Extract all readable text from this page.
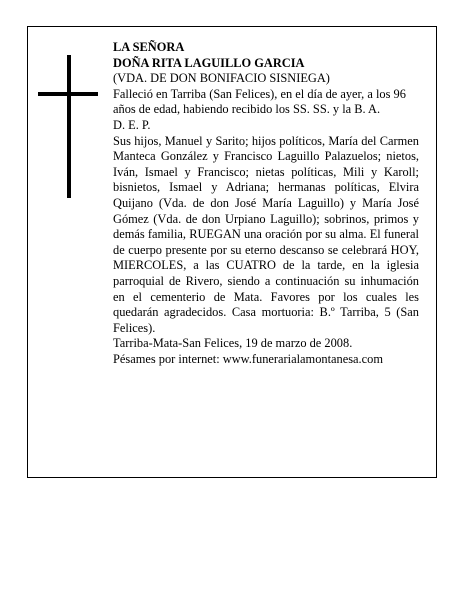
LA SEÑORA

DOÑA RITA LAGUILLO GARCIA

(VDA. DE DON BONIFACIO SISNIEGA)

Falleció en Tarriba (San Felices), en el día de ayer, a los 96 años de edad, habiendo recibido los SS. SS. y la B. A.

D. E. P.

Sus hijos, Manuel y Sarito; hijos políticos, María del Carmen Manteca González y Francisco Laguillo Palazuelos; nietos, Iván, Ismael y Francisco; nietas políticas, Mili y Karoll; bisnietos, Ismael y Adriana; hermanas políticas, Elvira Quijano (Vda. de don José María Laguillo) y María José Gómez (Vda. de don Urpiano Laguillo); sobrinos, primos y demás familia, RUEGAN una oración por su alma. El funeral de cuerpo presente por su eterno descanso se celebrará HOY, MIERCOLES, a las CUATRO de la tarde, en la iglesia parroquial de Rivero, siendo a continuación su inhumación en el cementerio de Mata. Favores por los cuales les quedarán agradecidos. Casa mortuoria: B.º Tarriba, 5 (San Felices).

Tarriba-Mata-San Felices, 19 de marzo de 2008.

Pésames por internet: www.funerarialamontanesa.com
